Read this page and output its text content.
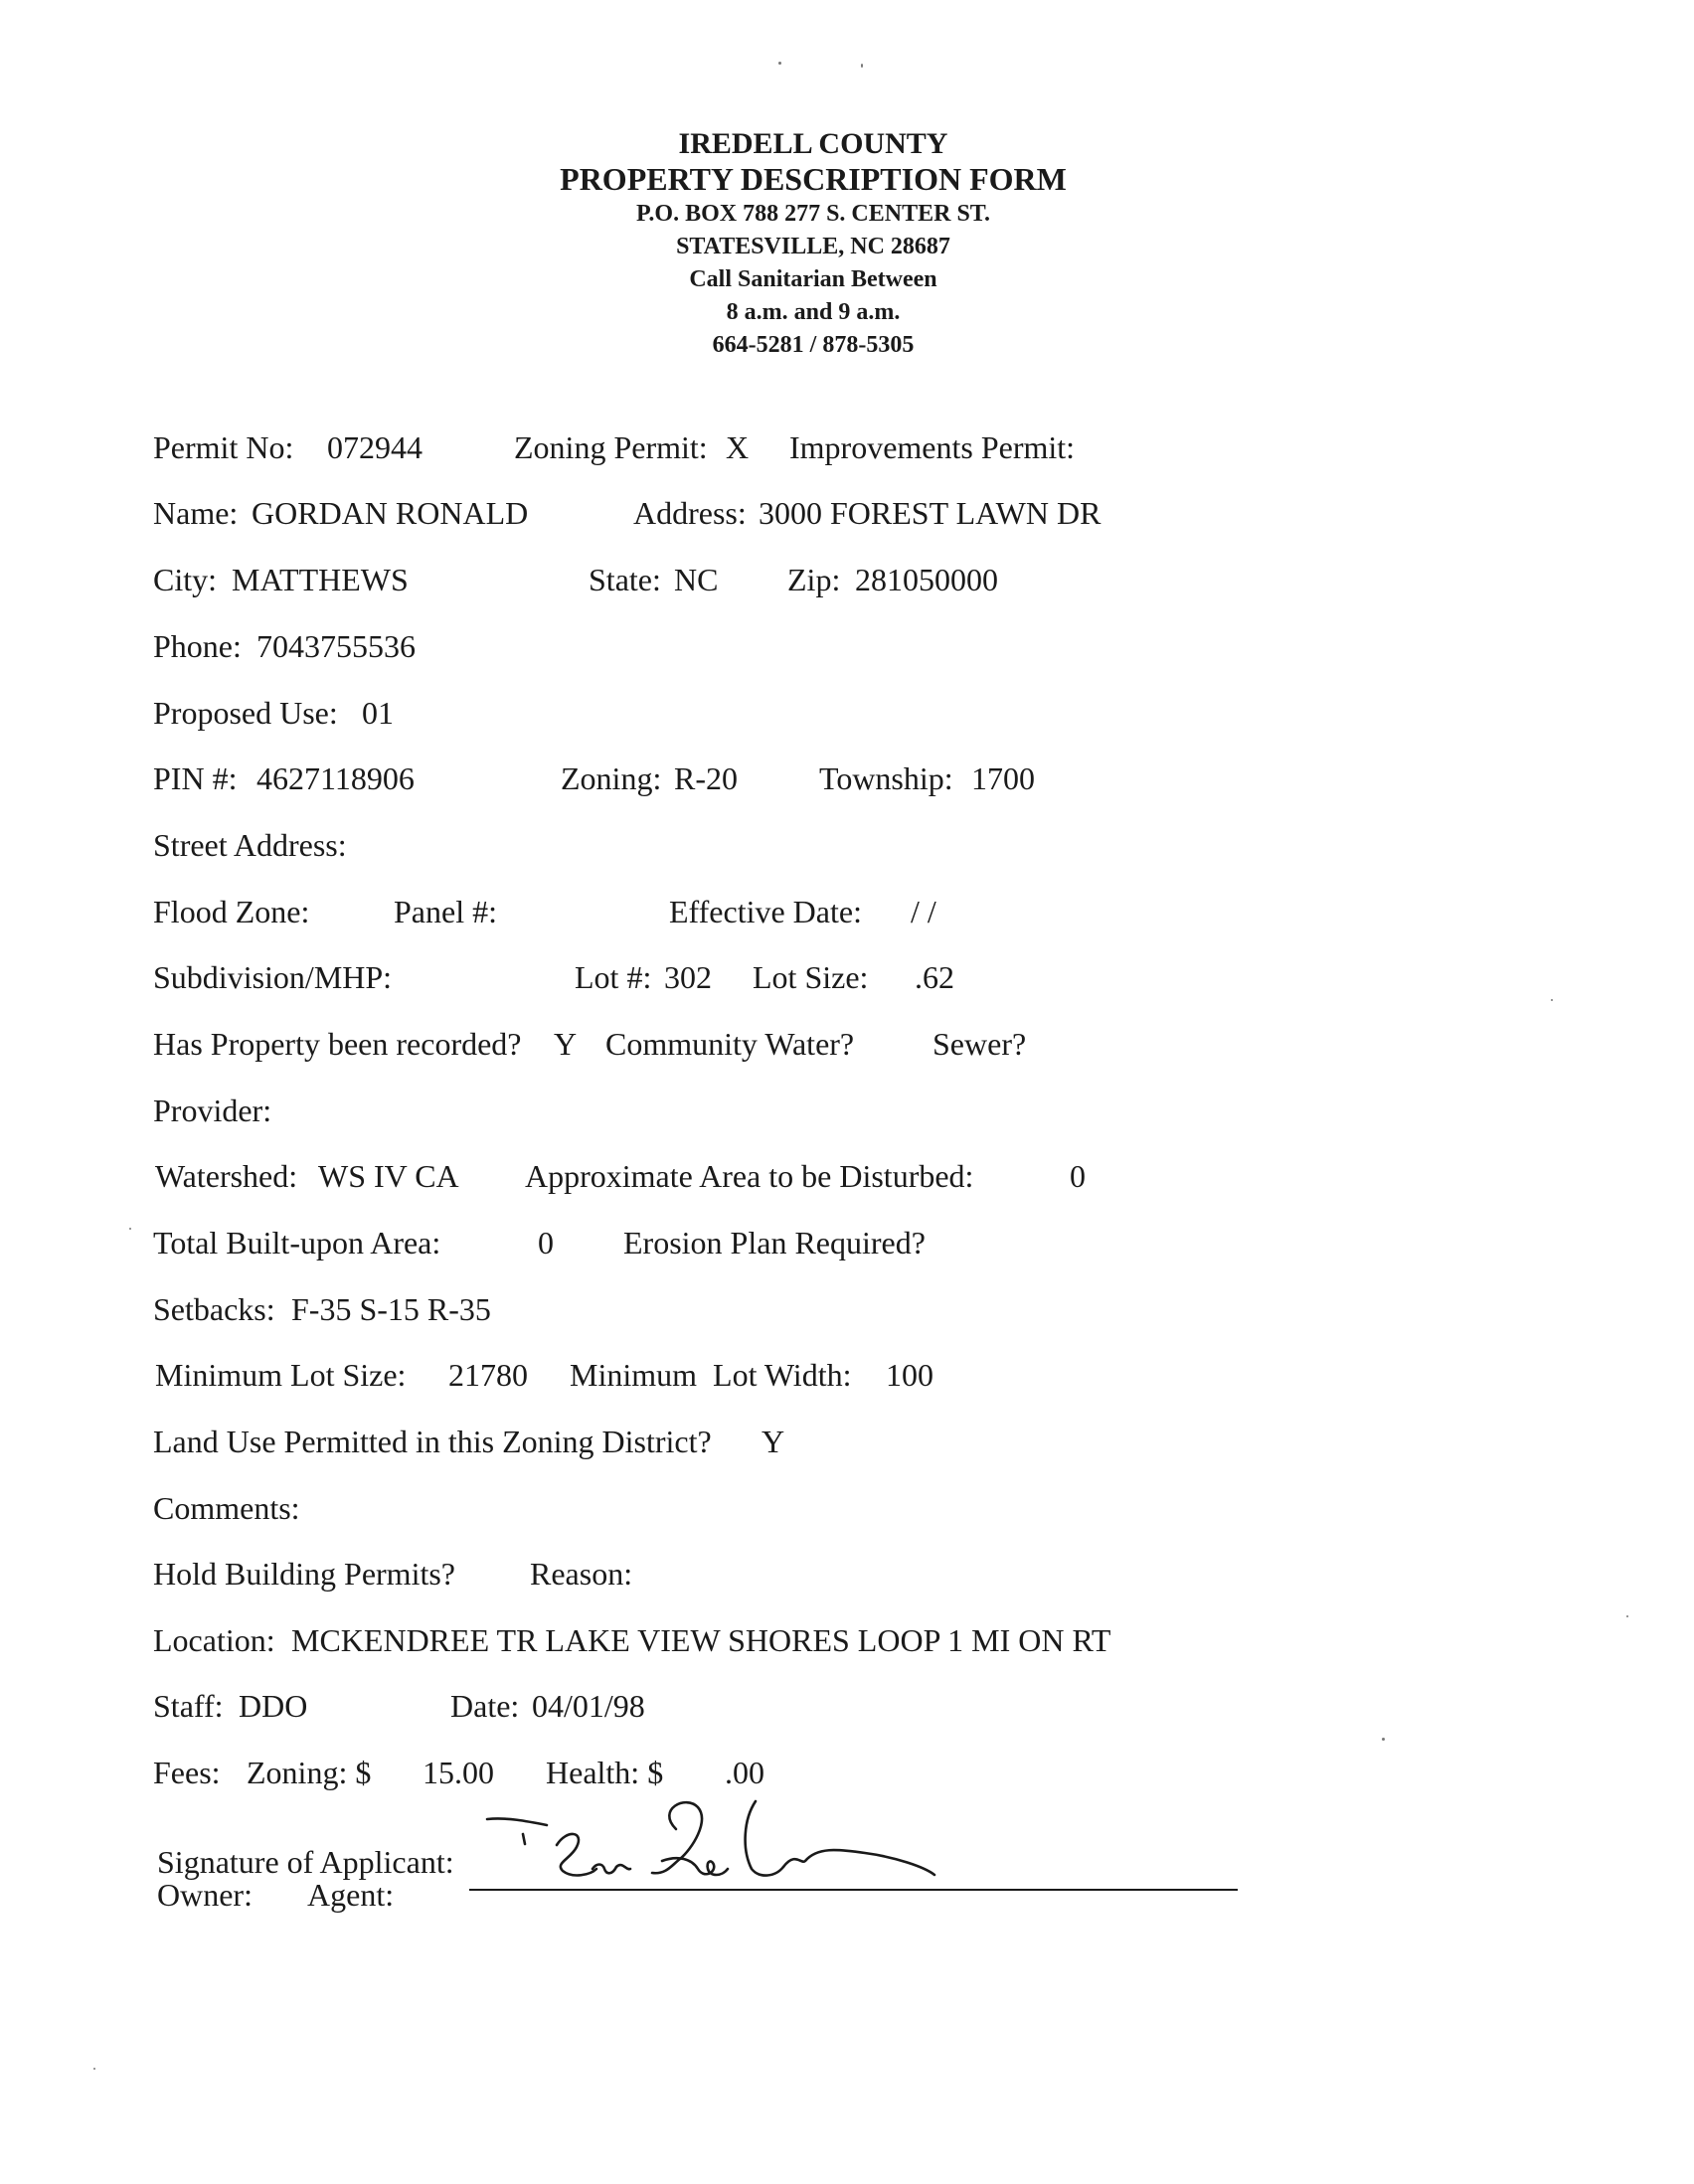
IREDELL COUNTY
PROPERTY DESCRIPTION FORM
P.O. BOX 788 277 S. CENTER ST.
STATESVILLE, NC 28687
Call Sanitarian Between
8 a.m. and 9 a.m.
664-5281 / 878-5305
Permit No: 072944	Zoning Permit: X Improvements Permit:
Name: GORDAN RONALD	Address: 3000 FOREST LAWN DR
City: MATTHEWS	State: NC Zip: 281050000
Phone: 7043755536
Proposed Use: 01
PIN #: 4627118906	Zoning: R-20	Township: 1700
Street Address:
Flood Zone:	Panel #:	Effective Date: / /
Subdivision/MHP:	Lot #: 302 Lot Size: .62
Has Property been recorded? Y Community Water? Sewer?
Provider:
Watershed: WS IV CA Approximate Area to be Disturbed:	0
Total Built-upon Area:	0 Erosion Plan Required?
Setbacks: F-35 S-15 R-35
Minimum Lot Size: 21780 Minimum  Lot Width: 100
Land Use Permitted in this Zoning District? Y
Comments:
Hold Building Permits? Reason:
Location: MCKENDREE TR LAKE VIEW SHORES LOOP 1 MI ON RT
Staff: DDO	Date: 04/01/98
Fees: Zoning: $ 15.00 Health: $ .00
Signature of Applicant:
Owner: Agent:
